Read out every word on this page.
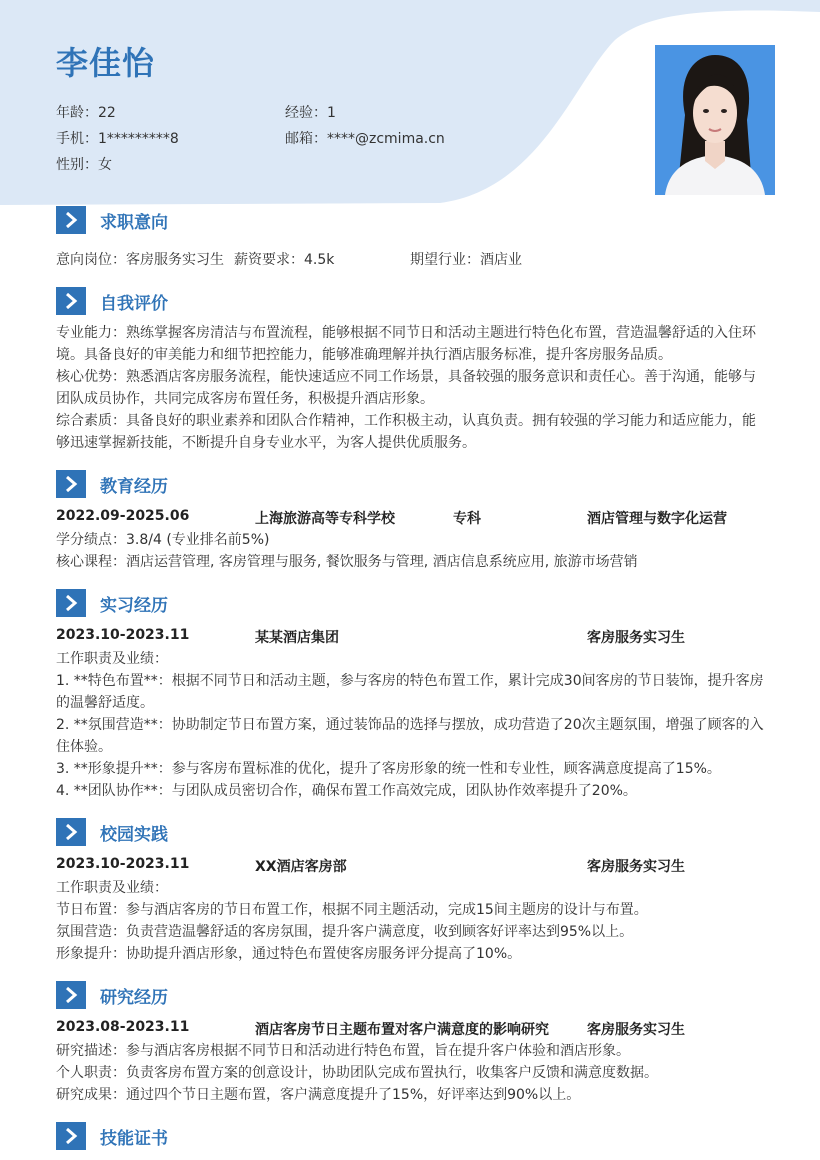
李佳怡
年龄：22	经验：1
手机：1*********8	邮箱：****@zcmima.cn
性别：女
求职意向
意向岗位：客房服务实习生 薪资要求：4.5k	期望行业：酒店业
自我评价
专业能力：熟练掌握客房清洁与布置流程，能够根据不同节日和活动主题进行特色化布置，营造温馨舒适的入住环境。具备良好的审美能力和细节把控能力，能够准确理解并执行酒店服务标准，提升客房服务品质。
核心优势：熟悉酒店客房服务流程，能快速适应不同工作场景，具备较强的服务意识和责任心。善于沟通，能够与团队成员协作，共同完成客房布置任务，积极提升酒店形象。
综合素质：具备良好的职业素养和团队合作精神，工作积极主动，认真负责。拥有较强的学习能力和适应能力，能够迅速掌握新技能，不断提升自身专业水平，为客人提供优质服务。
教育经历
2022.09-2025.06	上海旅游高等专科学校	专科	酒店管理与数字化运营
学分绩点：3.8/4 (专业排名前5%)
核心课程：酒店运营管理, 客房管理与服务, 餐饮服务与管理, 酒店信息系统应用, 旅游市场营销
实习经历
2023.10-2023.11	某某酒店集团	客房服务实习生
工作职责及业绩：
1. **特色布置**：根据不同节日和活动主题，参与客房的特色布置工作，累计完成30间客房的节日装饰，提升客房的温馨舒适度。
2. **氛围营造**：协助制定节日布置方案，通过装饰品的选择与摆放，成功营造了20次主题氛围，增强了顾客的入住体验。
3. **形象提升**：参与客房布置标准的优化，提升了客房形象的统一性和专业性，顾客满意度提高了15%。
4. **团队协作**：与团队成员密切合作，确保布置工作高效完成，团队协作效率提升了20%。
校园实践
2023.10-2023.11	XX酒店客房部	客房服务实习生
工作职责及业绩：
节日布置：参与酒店客房的节日布置工作，根据不同主题活动，完成15间主题房的设计与布置。
氛围营造：负责营造温馨舒适的客房氛围，提升客户满意度，收到顾客好评率达到95%以上。
形象提升：协助提升酒店形象，通过特色布置使客房服务评分提高了10%。
研究经历
2023.08-2023.11	酒店客房节日主题布置对客户满意度的影响研究	客房服务实习生
研究描述：参与酒店客房根据不同节日和活动进行特色布置，旨在提升客户体验和酒店形象。
个人职责：负责客房布置方案的创意设计，协助团队完成布置执行，收集客户反馈和满意度数据。
研究成果：通过四个节日主题布置，客户满意度提升了15%，好评率达到90%以上。
技能证书
